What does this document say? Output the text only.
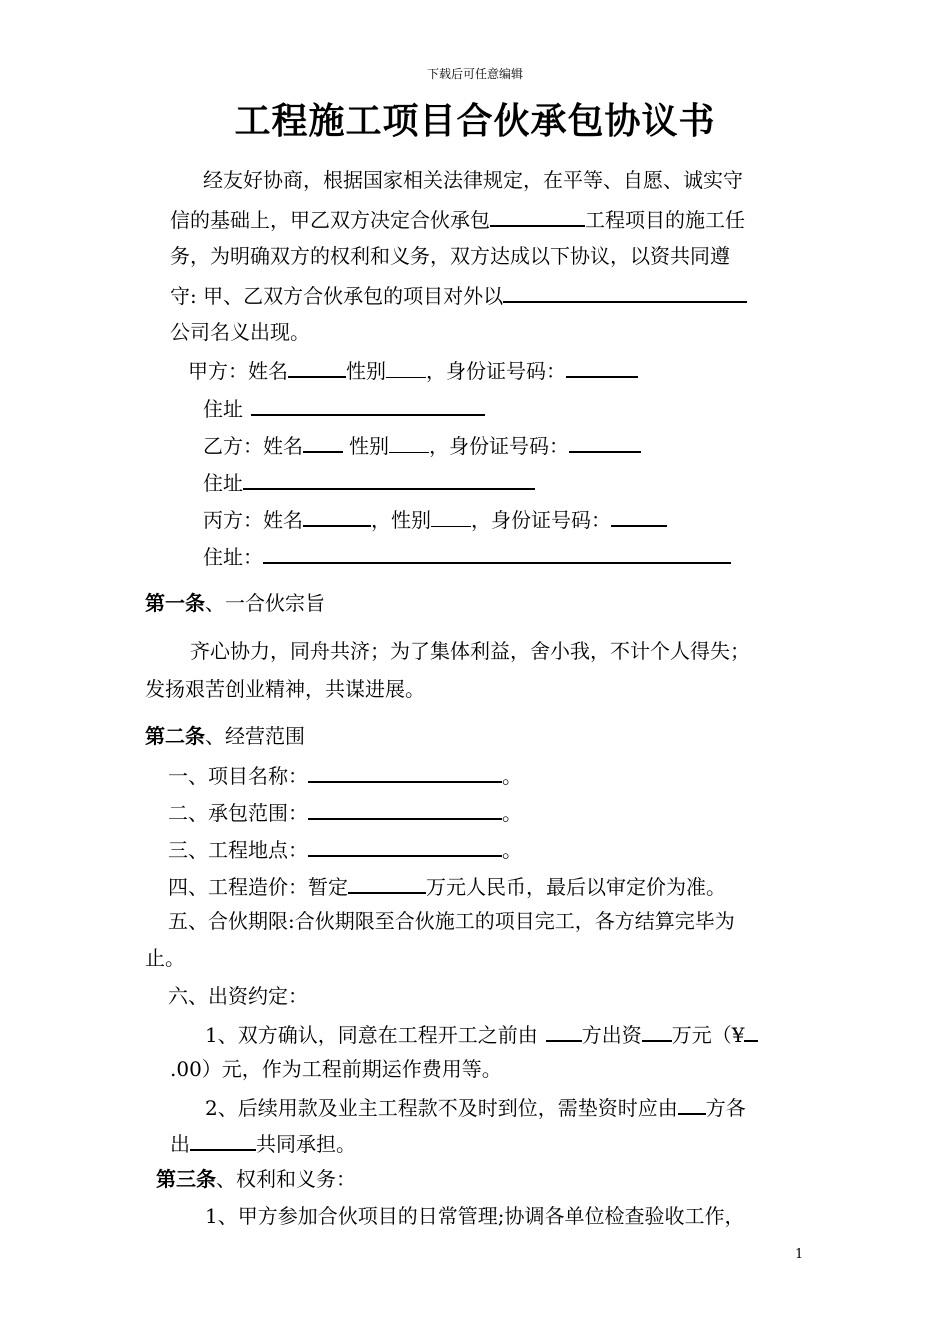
下载后可任意编辑
工程施工项目合伙承包协议书
经友好协商，根据国家相关法律规定，在平等、自愿、诚实守
信的基础上，甲乙双方决定合伙承包	工程项目的施工任
务，为明确双方的权利和义务，双方达成以下协议，以资共同遵
守: 甲、乙双方合伙承包的项目对外以
公司名义出现。
甲方：姓名	性别 ，身份证号码：
住址
乙方：姓名 性别 ，身份证号码：
住址
丙方：姓名	，性别 ，身份证号码：
住址：
第一条、一合伙宗旨
齐心协力，同舟共济；为了集体利益，舍小我，不计个人得失；
发扬艰苦创业精神，共谋进展。
第二条、经营范围
一、项目名称：	。
二、承包范围：	。
三、工程地点：	。
四、工程造价：暂定	万元人民币，最后以审定价为准。
五、合伙期限:合伙期限至合伙施工的项目完工，各方结算完毕为
止。
六、出资约定：
1、双方确认，同意在工程开工之前由 方出资 万元（¥
.00）元，作为工程前期运作费用等。
2、后续用款及业主工程款不及时到位，需垫资时应由 方各
出	共同承担。
第三条、权利和义务：
1、甲方参加合伙项目的日常管理;协调各单位检查验收工作，
1
